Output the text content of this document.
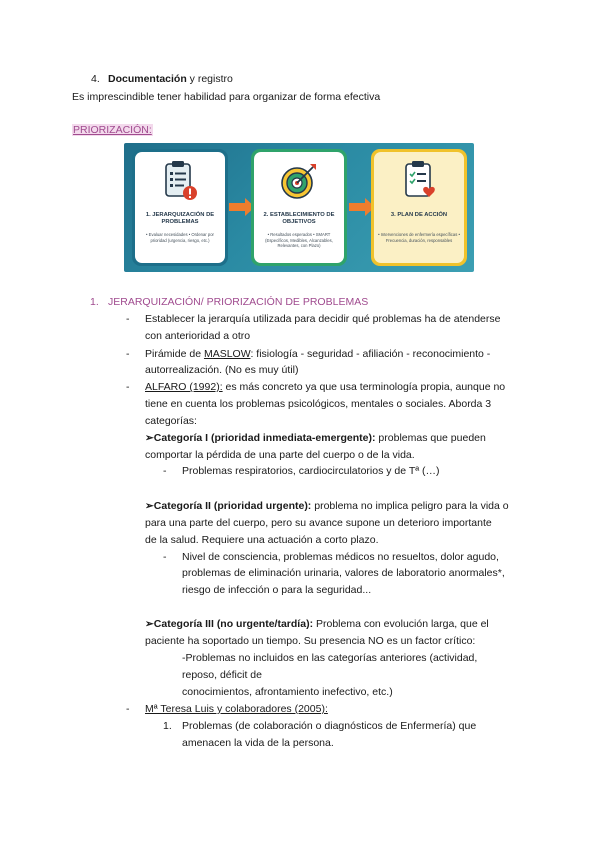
4. Documentación y registro
Es imprescindible tener habilidad para organizar de forma efectiva
PRIORIZACIÓN:
1. JERARQUIZACIÓN DE PROBLEMAS
• Evaluar necesidades • Ordenar por prioridad (urgencia, riesgo, etc.)
2. ESTABLECIMIENTO DE OBJETIVOS
• Resultados esperados • SMART (Específicos, Medibles, Alcanzables, Relevantes, con Plazo)
3. PLAN DE ACCIÓN
• Intervenciones de enfermería específicas • Frecuencia, duración, responsables
1. JERARQUIZACIÓN/ PRIORIZACIÓN DE PROBLEMAS
- Establecer la jerarquía utilizada para decidir qué problemas ha de atenderse
con anterioridad a otro
- Pirámide de MASLOW: fisiología - seguridad - afiliación - reconocimiento -
autorrealización. (No es muy útil)
- ALFARO (1992): es más concreto ya que usa terminología propia, aunque no
tiene en cuenta los problemas psicológicos, mentales o sociales. Aborda 3
categorías:
➢Categoría I (prioridad inmediata-emergente): problemas que pueden
comportar la pérdida de una parte del cuerpo o de la vida.
- Problemas respiratorios, cardiocirculatorios y de Tª (…)
➢Categoría II (prioridad urgente): problema no implica peligro para la vida o
para una parte del cuerpo, pero su avance supone un deterioro importante
de la salud. Requiere una actuación a corto plazo.
- Nivel de consciencia, problemas médicos no resueltos, dolor agudo,
problemas de eliminación urinaria, valores de laboratorio anormales*,
riesgo de infección o para la seguridad...
➢Categoría III (no urgente/tardía): Problema con evolución larga, que el
paciente ha soportado un tiempo. Su presencia NO es un factor crítico:
-Problemas no incluidos en las categorías anteriores (actividad,
reposo, déficit de
conocimientos, afrontamiento inefectivo, etc.)
- Mª Teresa Luis y colaboradores (2005):
1. Problemas (de colaboración o diagnósticos de Enfermería) que
amenacen la vida de la persona.
